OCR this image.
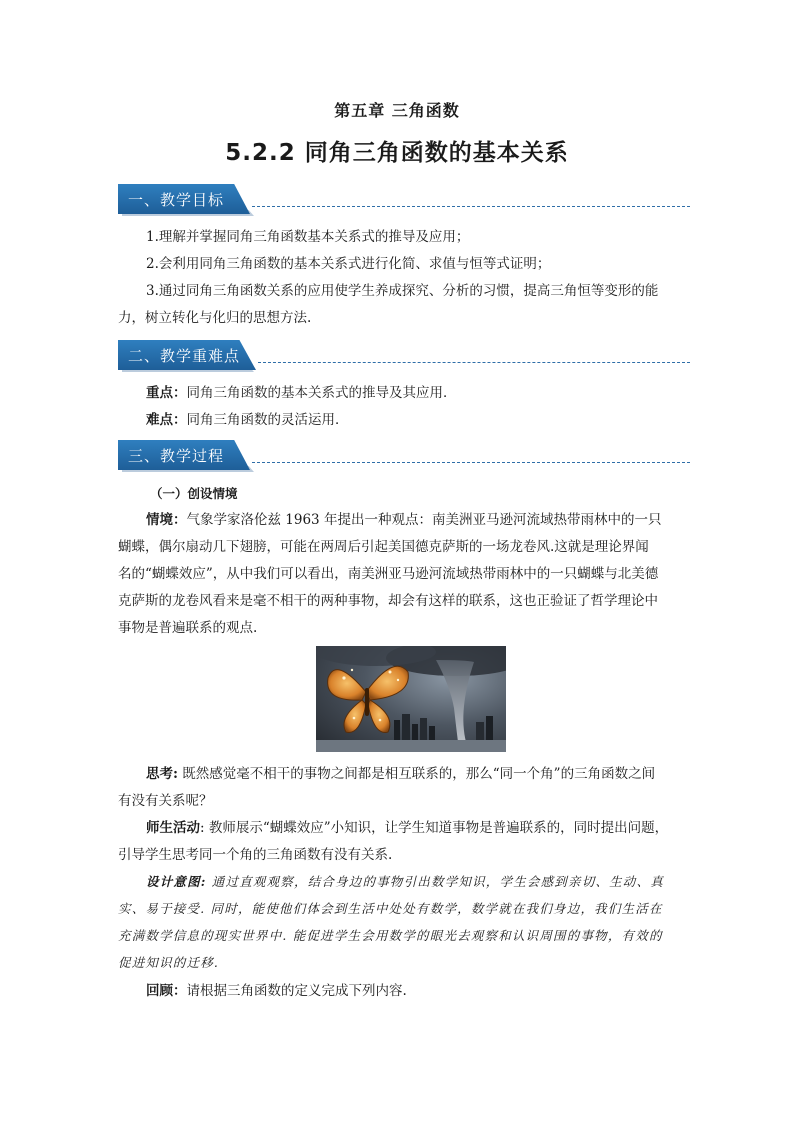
第五章 三角函数
5.2.2 同角三角函数的基本关系
一、教学目标
1.理解并掌握同角三角函数基本关系式的推导及应用；
2.会利用同角三角函数的基本关系式进行化简、求值与恒等式证明；
3.通过同角三角函数关系的应用使学生养成探究、分析的习惯，提高三角恒等变形的能
力，树立转化与化归的思想方法.
二、教学重难点
重点：同角三角函数的基本关系式的推导及其应用．
难点：同角三角函数的灵活运用．
三、教学过程
（一）创设情境
情境：气象学家洛伦兹 1963 年提出一种观点：南美洲亚马逊河流域热带雨林中的一只
蝴蝶，偶尔扇动几下翅膀，可能在两周后引起美国德克萨斯的一场龙卷风.这就是理论界闻
名的“蝴蝶效应”，从中我们可以看出，南美洲亚马逊河流域热带雨林中的一只蝴蝶与北美德
克萨斯的龙卷风看来是毫不相干的两种事物，却会有这样的联系，这也正验证了哲学理论中
事物是普遍联系的观点.
思考: 既然感觉毫不相干的事物之间都是相互联系的，那么“同一个角”的三角函数之间
有没有关系呢？
师生活动: 教师展示“蝴蝶效应”小知识，让学生知道事物是普遍联系的，同时提出问题，
引导学生思考同一个角的三角函数有没有关系.
设计意图: 通过直观观察，结合身边的事物引出数学知识，学生会感到亲切、生动、真
实、易于接受. 同时，能使他们体会到生活中处处有数学，数学就在我们身边，我们生活在
充满数学信息的现实世界中. 能促进学生会用数学的眼光去观察和认识周围的事物，有效的
促进知识的迁移.
回顾：请根据三角函数的定义完成下列内容.
